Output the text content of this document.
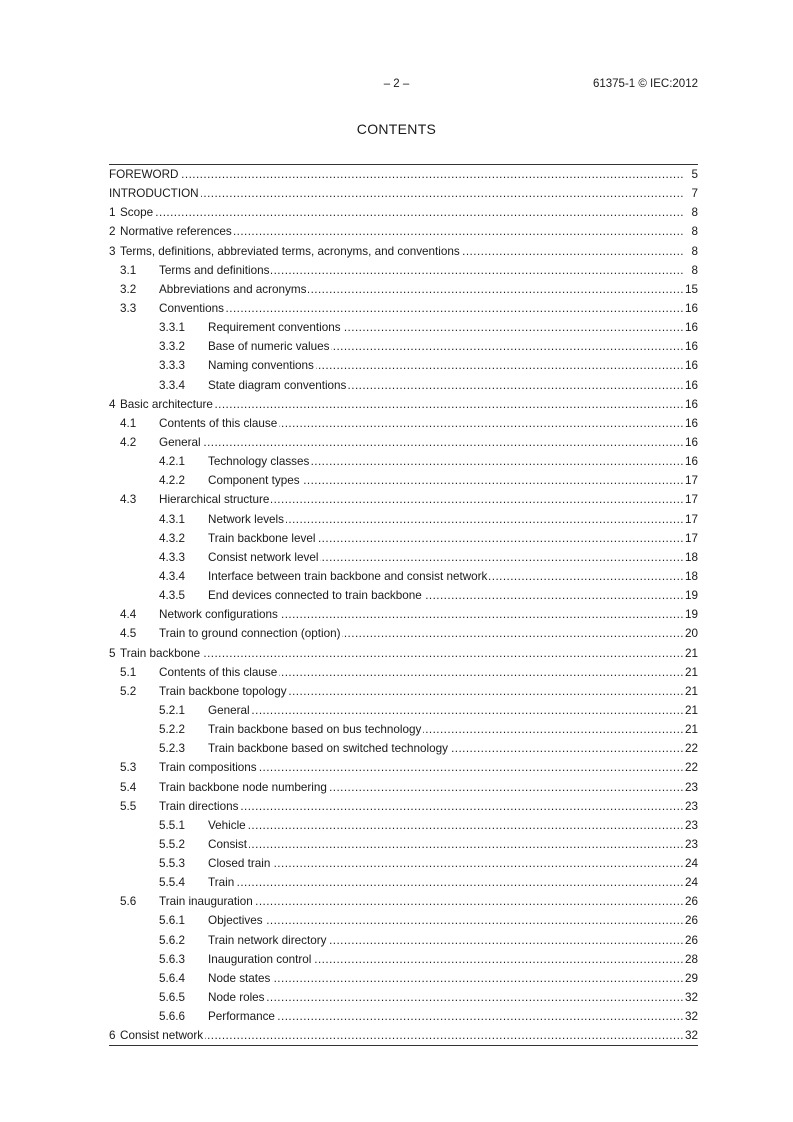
– 2 –	61375-1 © IEC:2012
CONTENTS
.....
FOREWORD	5
.....
INTRODUCTION	7
.....
1 Scope	8
.....
2 Normative references	8
.....
3 Terms, definitions, abbreviated terms, acronyms, and conventions	8
.....
3.1 Terms and definitions	8
.....
3.2 Abbreviations and acronyms	15
.....
3.3 Conventions	16
.....
3.3.1 Requirement conventions	16
.....
3.3.2 Base of numeric values	16
.....
3.3.3 Naming conventions	16
.....
3.3.4 State diagram conventions	16
.....
4 Basic architecture	16
.....
4.1 Contents of this clause	16
.....
4.2 General	16
.....
4.2.1 Technology classes	16
.....
4.2.2 Component types	17
.....
4.3 Hierarchical structure	17
.....
4.3.1 Network levels	17
.....
4.3.2 Train backbone level	17
.....
4.3.3 Consist network level	18
.....
4.3.4 Interface between train backbone and consist network	18
.....
4.3.5 End devices connected to train backbone	19
.....
4.4 Network configurations	19
.....
4.5 Train to ground connection (option)	20
.....
5 Train backbone	21
.....
5.1 Contents of this clause	21
.....
5.2 Train backbone topology	21
.....
5.2.1 General	21
.....
5.2.2 Train backbone based on bus technology	21
.....
5.2.3 Train backbone based on switched technology	22
.....
5.3 Train compositions	22
.....
5.4 Train backbone node numbering	23
.....
5.5 Train directions	23
.....
5.5.1 Vehicle	23
.....
5.5.2 Consist	23
.....
5.5.3 Closed train	24
.....
5.5.4 Train	24
.....
5.6 Train inauguration	26
.....
5.6.1 Objectives	26
.....
5.6.2 Train network directory	26
.....
5.6.3 Inauguration control	28
.....
5.6.4 Node states	29
.....
5.6.5 Node roles	32
.....
5.6.6 Performance	32
.....
6 Consist network	32
